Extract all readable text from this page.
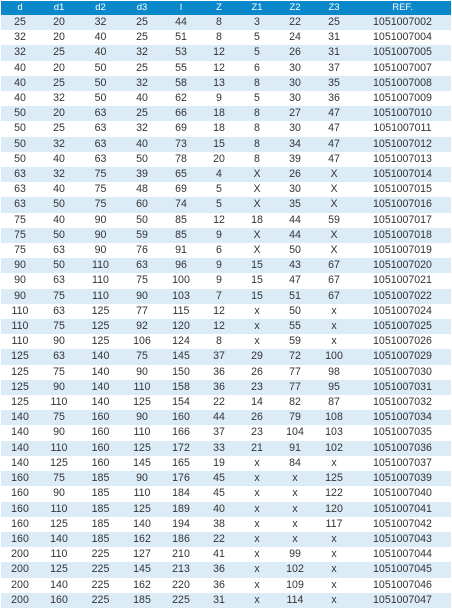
d	d1	d2	d3	l	Z	Z1	Z2	Z3	REF.
25	20	32	25	44	8	3	22	25	1051007002
32	20	40	25	51	8	5	24	31	1051007004
32	25	40	32	53	12	5	26	31	1051007005
40	20	50	25	55	12	6	30	37	1051007007
40	25	50	32	58	13	8	30	35	1051007008
40	32	50	40	62	9	5	30	36	1051007009
50	20	63	25	66	18	8	27	47	1051007010
50	25	63	32	69	18	8	30	47	1051007011
50	32	63	40	73	15	8	34	47	1051007012
50	40	63	50	78	20	8	39	47	1051007013
63	32	75	39	65	4	X	26	X	1051007014
63	40	75	48	69	5	X	30	X	1051007015
63	50	75	60	74	5	X	35	X	1051007016
75	40	90	50	85	12	18	44	59	1051007017
75	50	90	59	85	9	X	44	X	1051007018
75	63	90	76	91	6	X	50	X	1051007019
90	50	110	63	96	9	15	43	67	1051007020
90	63	110	75	100	9	15	47	67	1051007021
90	75	110	90	103	7	15	51	67	1051007022
110	63	125	77	115	12	x	50	x	1051007024
110	75	125	92	120	12	x	55	x	1051007025
110	90	125	106	124	8	x	59	x	1051007026
125	63	140	75	145	37	29	72	100	1051007029
125	75	140	90	150	36	26	77	98	1051007030
125	90	140	110	158	36	23	77	95	1051007031
125	110	140	125	154	22	14	82	87	1051007032
140	75	160	90	160	44	26	79	108	1051007034
140	90	160	110	166	37	23	104	103	1051007035
140	110	160	125	172	33	21	91	102	1051007036
140	125	160	145	165	19	x	84	x	1051007037
160	75	185	90	176	45	x	x	125	1051007039
160	90	185	110	184	45	x	x	122	1051007040
160	110	185	125	189	40	x	x	120	1051007041
160	125	185	140	194	38	x	x	117	1051007042
160	140	185	162	186	22	x	x	x	1051007043
200	110	225	127	210	41	x	99	x	1051007044
200	125	225	145	213	36	x	102	x	1051007045
200	140	225	162	220	36	x	109	x	1051007046
200	160	225	185	225	31	x	114	x	1051007047
